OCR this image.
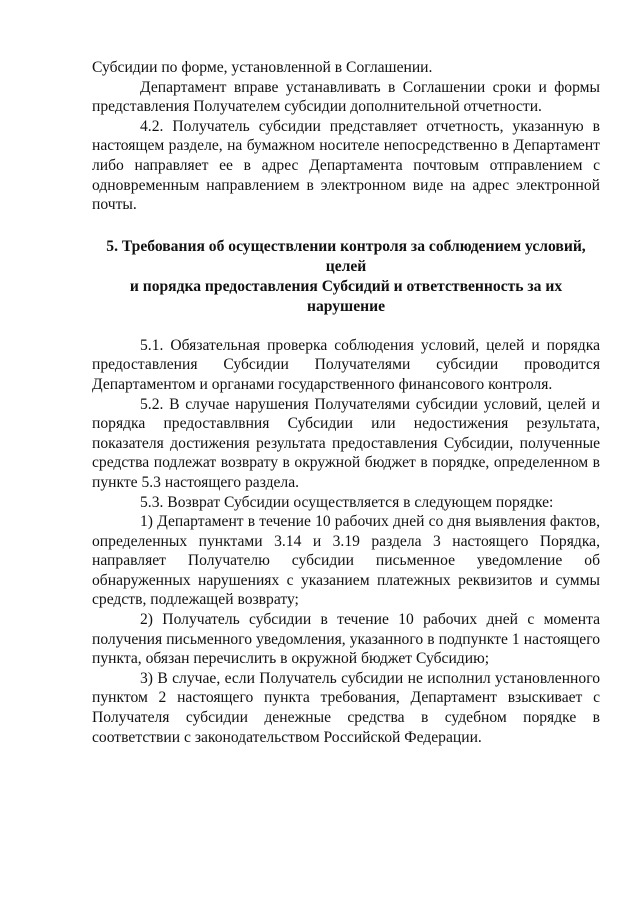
Субсидии по форме, установленной в Соглашении.

Департамент вправе устанавливать в Соглашении сроки и формы представления Получателем субсидии дополнительной отчетности.

4.2. Получатель субсидии представляет отчетность, указанную в настоящем разделе, на бумажном носителе непосредственно в Департамент либо направляет ее в адрес Департамента почтовым отправлением с одновременным направлением в электронном виде на адрес электронной почты.

5. Требования об осуществлении контроля за соблюдением условий, целей

и порядка предоставления Субсидий и ответственность за их нарушение

5.1. Обязательная проверка соблюдения условий, целей и порядка предоставления Субсидии Получателями субсидии проводится Департаментом и органами государственного финансового контроля.

5.2. В случае нарушения Получателями субсидии условий, целей и порядка предоставлвния Субсидии или недостижения результата, показателя достижения результата предоставления Субсидии, полученные средства подлежат возврату в окружной бюджет в порядке, определенном в пункте 5.3 настоящего раздела.

5.3. Возврат Субсидии осуществляется в следующем порядке:

1) Департамент в течение 10 рабочих дней со дня выявления фактов, определенных пунктами 3.14 и 3.19 раздела 3 настоящего Порядка, направляет Получателю субсидии письменное уведомление об обнаруженных нарушениях с указанием платежных реквизитов и суммы средств, подлежащей возврату;

2) Получатель субсидии в течение 10 рабочих дней с момента получения письменного уведомления, указанного в подпункте 1 настоящего пункта, обязан перечислить в окружной бюджет Субсидию;

3) В случае, если Получатель субсидии не исполнил установленного пунктом 2 настоящего пункта требования, Департамент взыскивает с Получателя субсидии денежные средства в судебном порядке в соответствии с законодательством Российской Федерации.
